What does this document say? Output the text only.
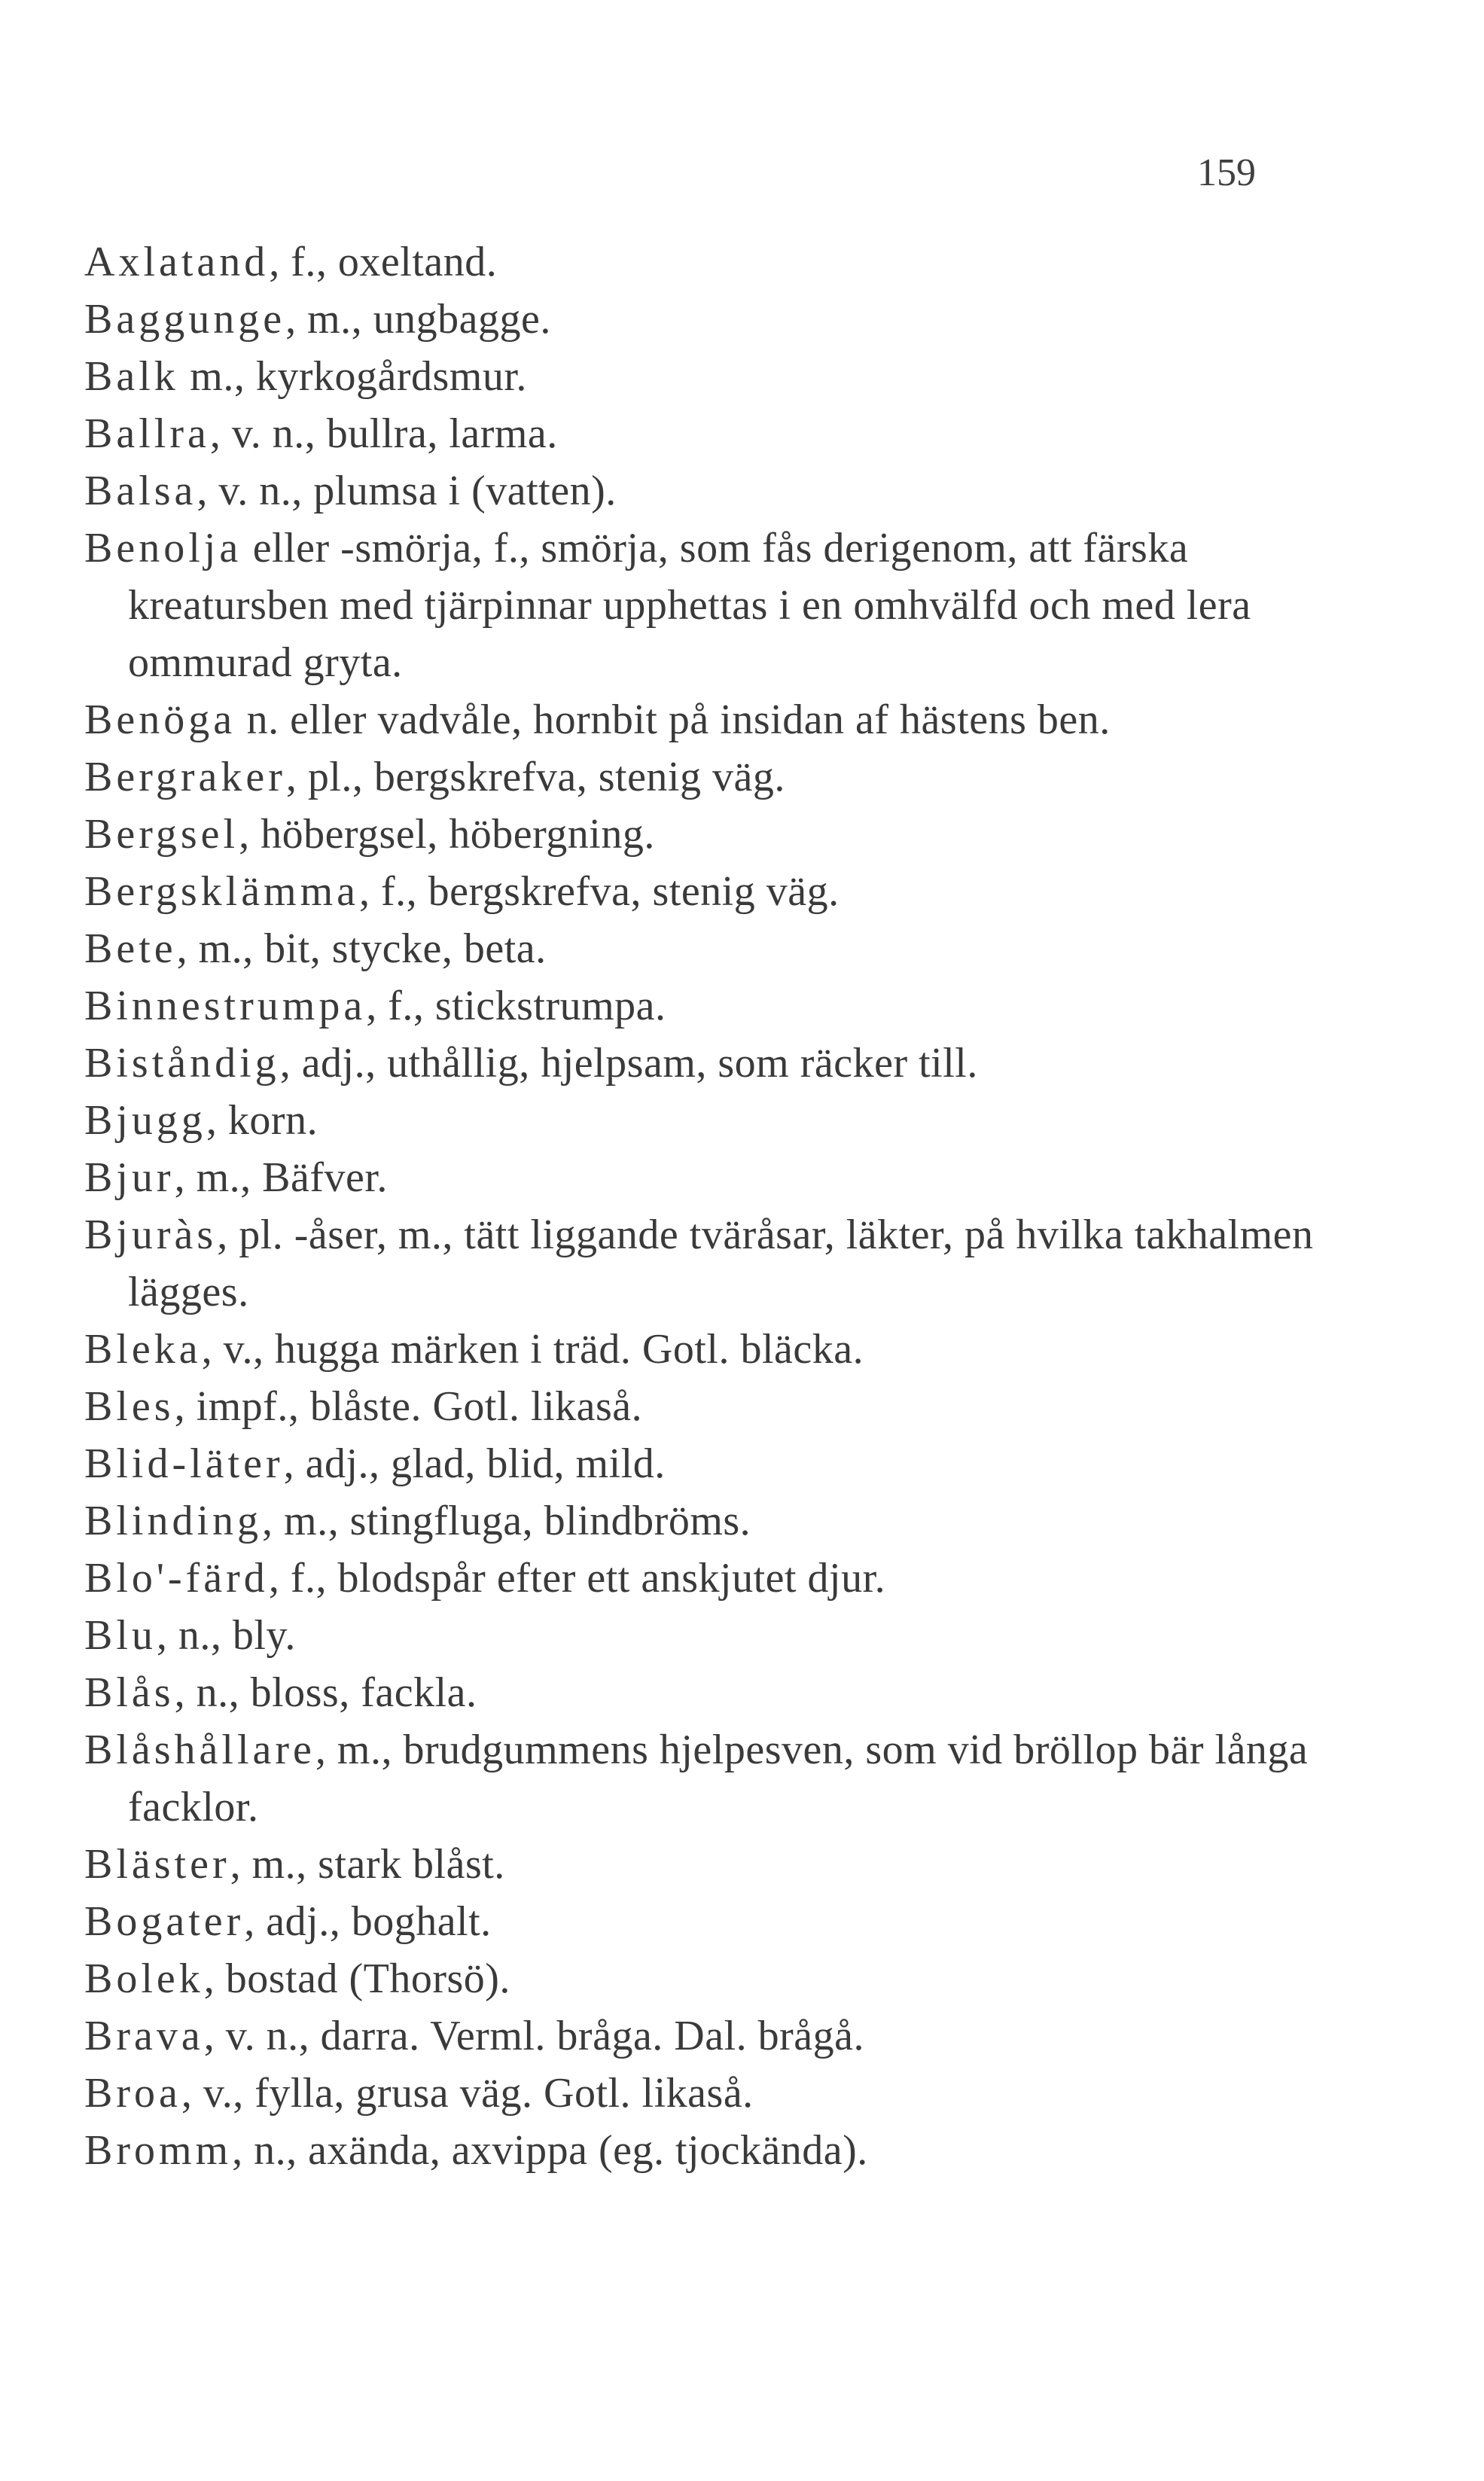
159
Axlatand, f., oxeltand.
Baggunge, m., ungbagge.
Balk m., kyrkogårdsmur.
Ballra, v. n., bullra, larma.
Balsa, v. n., plumsa i (vatten).
Benolja eller -smörja, f., smörja, som fås derigenom, att färska kreatursben med tjärpinnar upphettas i en omhvälfd och med lera ommurad gryta.
Benöga n. eller vadvåle, hornbit på insidan af hästens ben.
Bergraker, pl., bergskrefva, stenig väg.
Bergsel, höbergsel, höbergning.
Bergsklämma, f., bergskrefva, stenig väg.
Bete, m., bit, stycke, beta.
Binnestrumpa, f., stickstrumpa.
Biståndig, adj., uthållig, hjelpsam, som räcker till.
Bjugg, korn.
Bjur, m., Bäfver.
Bjuràs, pl. -åser, m., tätt liggande tväråsar, läkter, på hvilka takhalmen lägges.
Bleka, v., hugga märken i träd. Gotl. bläcka.
Bles, impf., blåste. Gotl. likaså.
Blid-läter, adj., glad, blid, mild.
Blinding, m., stingfluga, blindbröms.
Blo'-färd, f., blodspår efter ett anskjutet djur.
Blu, n., bly.
Blås, n., bloss, fackla.
Blåshållare, m., brudgummens hjelpesven, som vid bröllop bär långa facklor.
Bläster, m., stark blåst.
Bogater, adj., boghalt.
Bolek, bostad (Thorsö).
Brava, v. n., darra. Verml. bråga. Dal. brågå.
Broa, v., fylla, grusa väg. Gotl. likaså.
Bromm, n., axända, axvippa (eg. tjockända).
